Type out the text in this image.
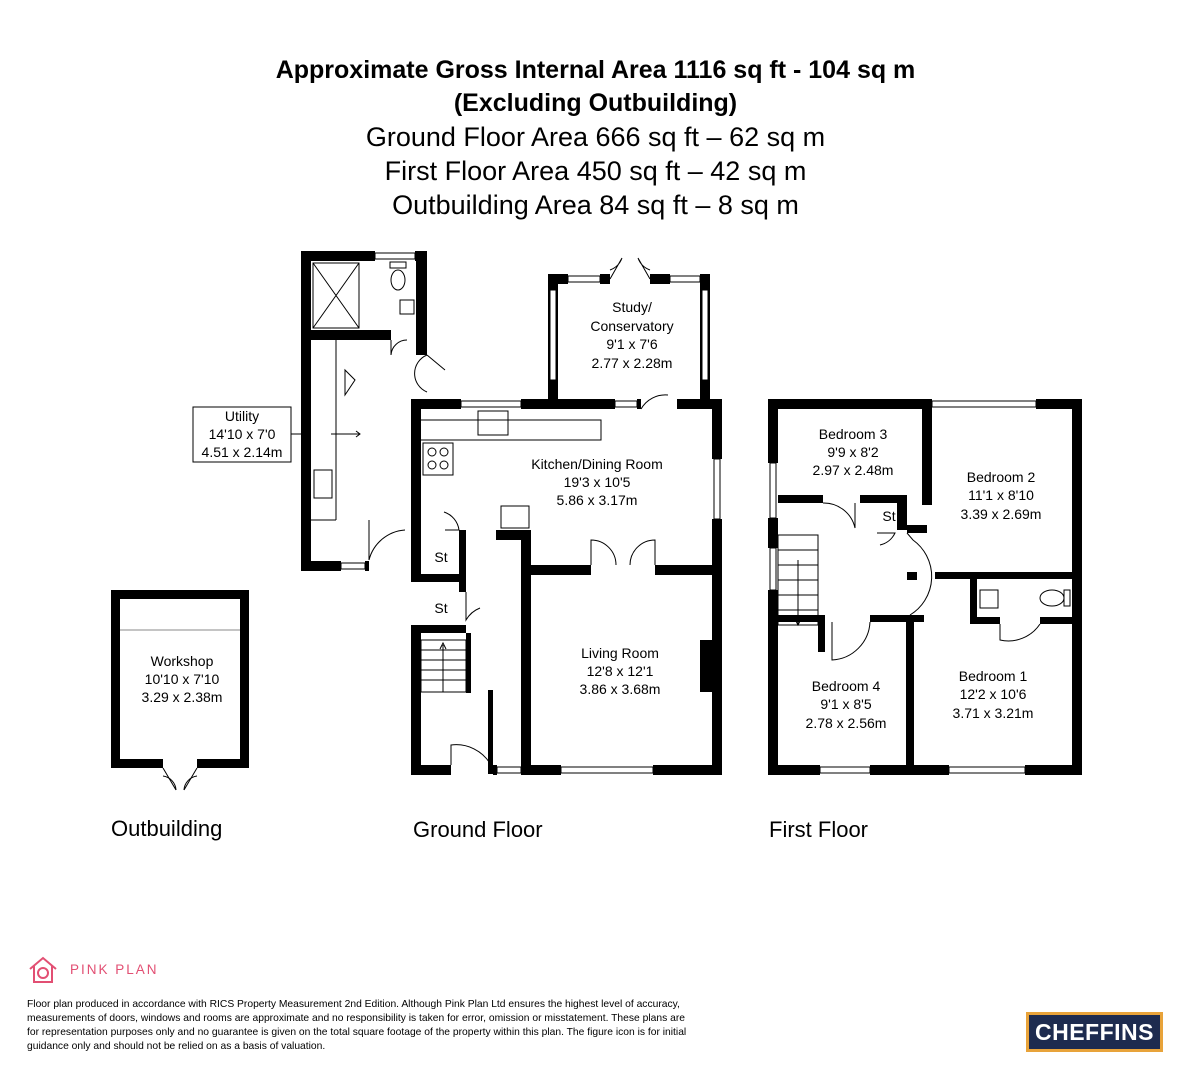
Approximate Gross Internal Area 1116 sq ft - 104 sq m
(Excluding Outbuilding)
Ground Floor Area 666 sq ft – 62 sq m
First Floor Area 450 sq ft – 42 sq m
Outbuilding Area 84 sq ft – 8 sq m
Utility
14'10 x 7'0
4.51 x 2.14m
Study/
Conservatory
9'1 x 7'6
2.77 x 2.28m
Kitchen/Dining Room
19'3 x 10'5
5.86 x 3.17m
Living Room
12'8 x 12'1
3.86 x 3.68m
St
St
St
Workshop
10'10 x 7'10
3.29 x 2.38m
Bedroom 3
9'9 x 8'2
2.97 x 2.48m	Bedroom 2
11'1 x 8'10
3.39 x 2.69m
Bedroom 1
12'2 x 10'6
3.71 x 3.21m
Bedroom 4
9'1 x 8'5
2.78 x 2.56m
Outbuilding	Ground Floor	First Floor
PINK PLAN
Floor plan produced in accordance with RICS Property Measurement 2nd Edition. Although Pink Plan Ltd ensures the highest level of accuracy, measurements of doors, windows and rooms are approximate and no responsibility is taken for error, omission or misstatement. These plans are for representation purposes only and no guarantee is given on the total square footage of the property within this plan. The figure icon is for initial guidance only and should not be relied on as a basis of valuation.
CHEFFINS
